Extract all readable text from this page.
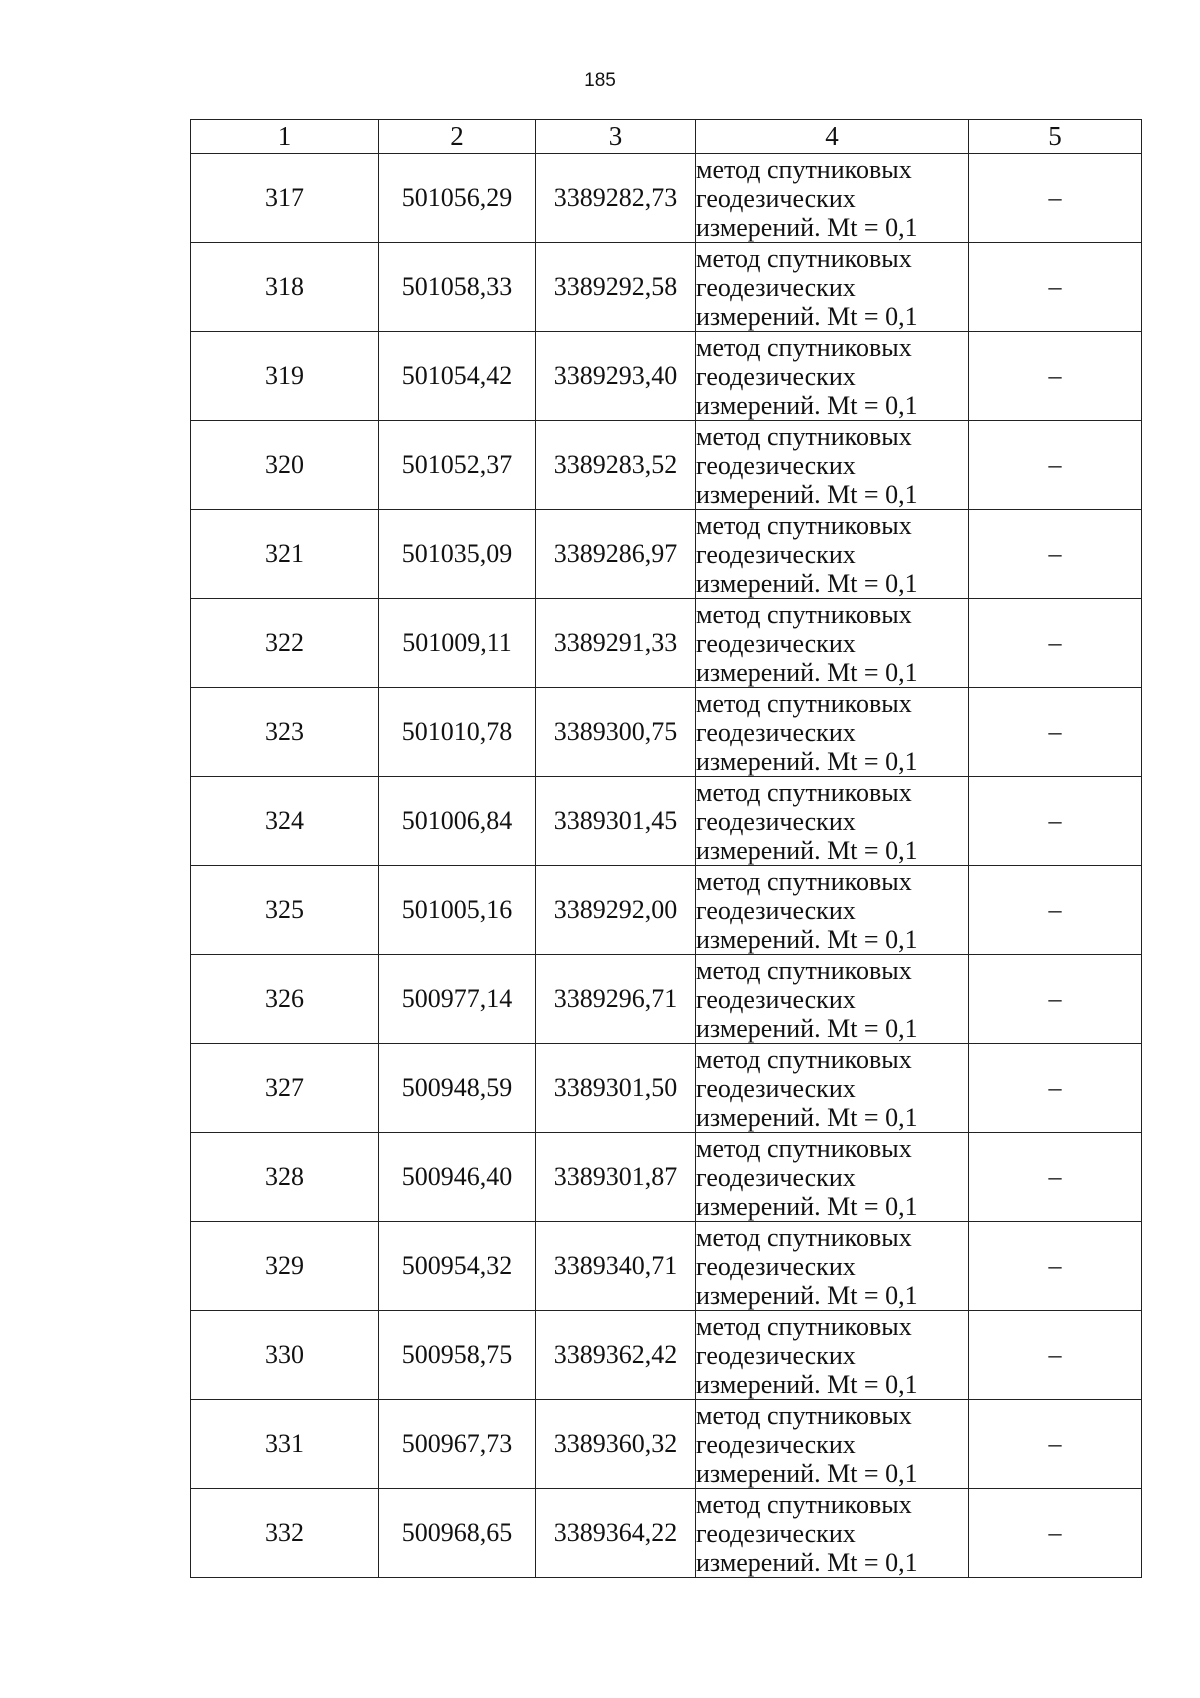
185
1	2	3	4	5
317	501056,29	3389282,73	метод спутниковых
геодезических
измерений. Mt = 0,1	–
318	501058,33	3389292,58	метод спутниковых
геодезических
измерений. Mt = 0,1	–
319	501054,42	3389293,40	метод спутниковых
геодезических
измерений. Mt = 0,1	–
320	501052,37	3389283,52	метод спутниковых
геодезических
измерений. Mt = 0,1	–
321	501035,09	3389286,97	метод спутниковых
геодезических
измерений. Mt = 0,1	–
322	501009,11	3389291,33	метод спутниковых
геодезических
измерений. Mt = 0,1	–
323	501010,78	3389300,75	метод спутниковых
геодезических
измерений. Mt = 0,1	–
324	501006,84	3389301,45	метод спутниковых
геодезических
измерений. Mt = 0,1	–
325	501005,16	3389292,00	метод спутниковых
геодезических
измерений. Mt = 0,1	–
326	500977,14	3389296,71	метод спутниковых
геодезических
измерений. Mt = 0,1	–
327	500948,59	3389301,50	метод спутниковых
геодезических
измерений. Mt = 0,1	–
328	500946,40	3389301,87	метод спутниковых
геодезических
измерений. Mt = 0,1	–
329	500954,32	3389340,71	метод спутниковых
геодезических
измерений. Mt = 0,1	–
330	500958,75	3389362,42	метод спутниковых
геодезических
измерений. Mt = 0,1	–
331	500967,73	3389360,32	метод спутниковых
геодезических
измерений. Mt = 0,1	–
332	500968,65	3389364,22	метод спутниковых
геодезических
измерений. Mt = 0,1	–
